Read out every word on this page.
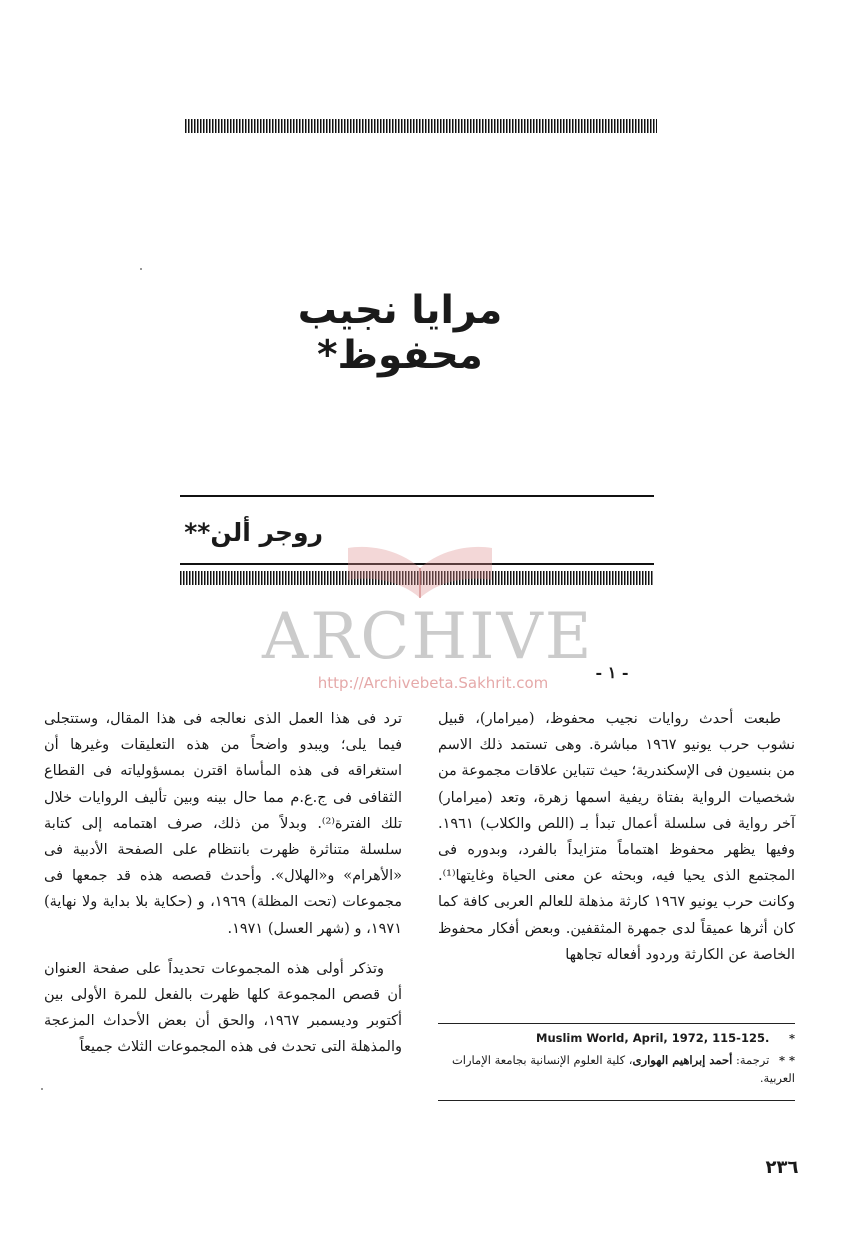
مرايا نجيب محفوظ*
روجر ألن**
ARCHIVE
http://Archivebeta.Sakhrit.com
- ١ -

طبعت أحدث روايات نجيب محفوظ، (ميرامار)، قبيل نشوب حرب يونيو ١٩٦٧ مباشرة. وهى تستمد ذلك الاسم من بنسيون فى الإسكندرية؛ حيث تتباين علاقات مجموعة من شخصيات الرواية بفتاة ريفية اسمها زهرة، وتعد (ميرامار) آخر رواية فى سلسلة أعمال تبدأ بـ (اللص والكلاب) ١٩٦١. وفيها يظهر محفوظ اهتماماً متزايداً بالفرد، وبدوره فى المجتمع الذى يحيا فيه، وبحثه عن معنى الحياة وغايتها⁽¹⁾. وكانت حرب يونيو ١٩٦٧ كارثة مذهلة للعالم العربى كافة كما كان أثرها عميقاً لدى جمهرة المثقفين. وبعض أفكار محفوظ الخاصة عن الكارثة وردود أفعاله تجاهها

ترد فى هذا العمل الذى نعالجه فى هذا المقال، وستتجلى فيما يلى؛ ويبدو واضحاً من هذه التعليقات وغيرها أن استغراقه فى هذه المأساة اقترن بمسؤولياته فى القطاع الثقافى فى ج.ع.م مما حال بينه وبين تأليف الروايات خلال تلك الفترة⁽²⁾. وبدلاً من ذلك، صرف اهتمامه إلى كتابة سلسلة متناثرة ظهرت بانتظام على الصفحة الأدبية فى «الأهرام» و«الهلال». وأحدث قصصه هذه قد جمعها فى مجموعات (تحت المظلة) ١٩٦٩، و (حكاية بلا بداية ولا نهاية) ١٩٧١، و (شهر العسل) ١٩٧١.

وتذكر أولى هذه المجموعات تحديداً على صفحة العنوان أن قصص المجموعة كلها ظهرت بالفعل للمرة الأولى بين أكتوبر وديسمبر ١٩٦٧، والحق أن بعض الأحداث المزعجة والمذهلة التى تحدث فى هذه المجموعات الثلاث جميعاً

* Muslim World, April, 1972, 115-125.
* * ترجمة: أحمد إبراهيم الهوارى، كلية العلوم الإنسانية بجامعة الإمارات العربية.
٢٣٦
